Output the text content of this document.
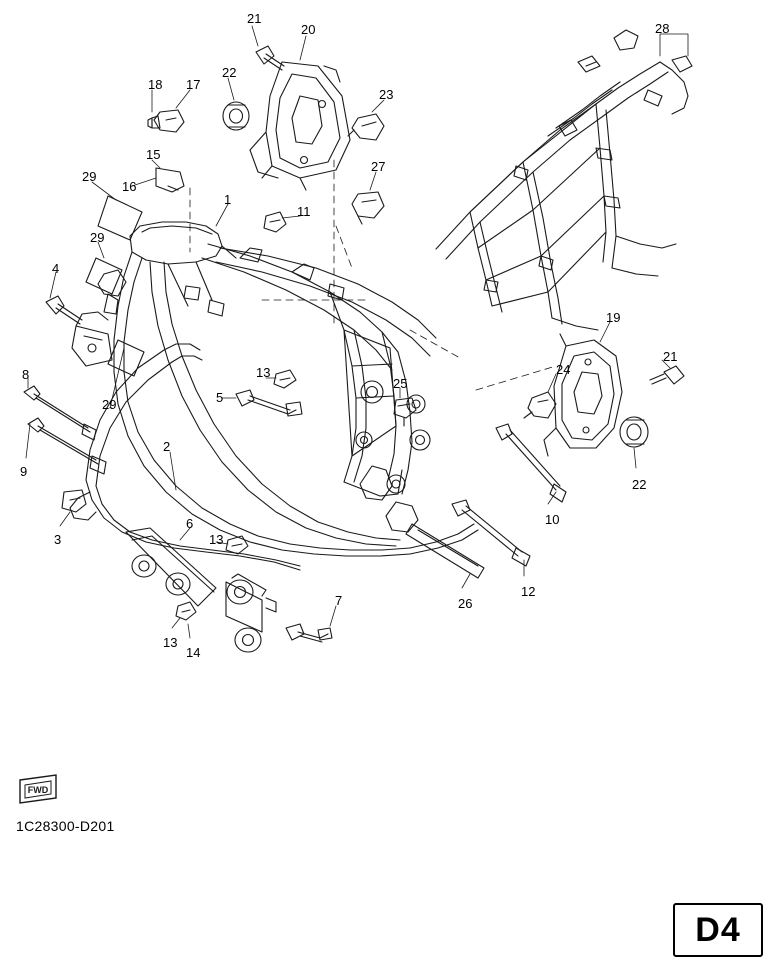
FWD
1C28300-D201
D4
21
20	28
18 17
22
23
15
27
16
29
1
11
29
4
19
13
21
8
29	5
25
24
9
2
22
3
10
6
13
12
26
7
13
14
